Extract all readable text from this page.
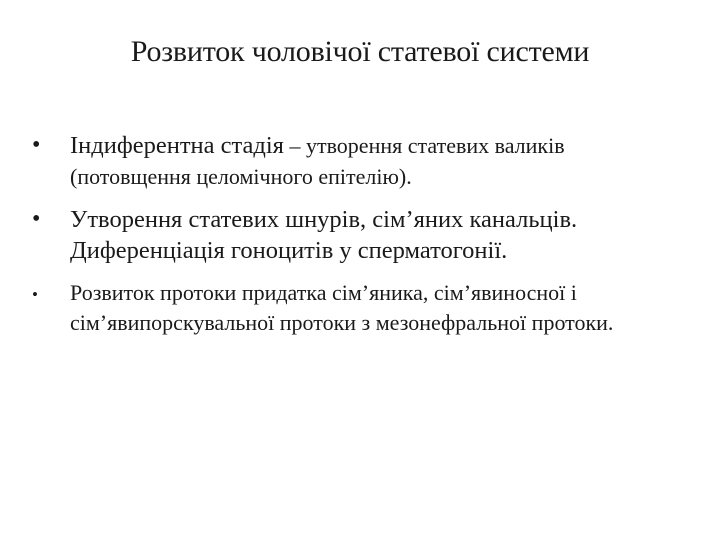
Розвиток чоловічої статевої системи
• Індиферентна стадія – утворення статевих валиків (потовщення целомічного епітелію).
• Утворення статевих шнурів, сім’яних канальців. Диференціація гоноцитів у сперматогонії.
• Розвиток протоки придатка сім’яника, сім’явиносної і сім’явипорскувальної протоки з мезонефральної протоки.
